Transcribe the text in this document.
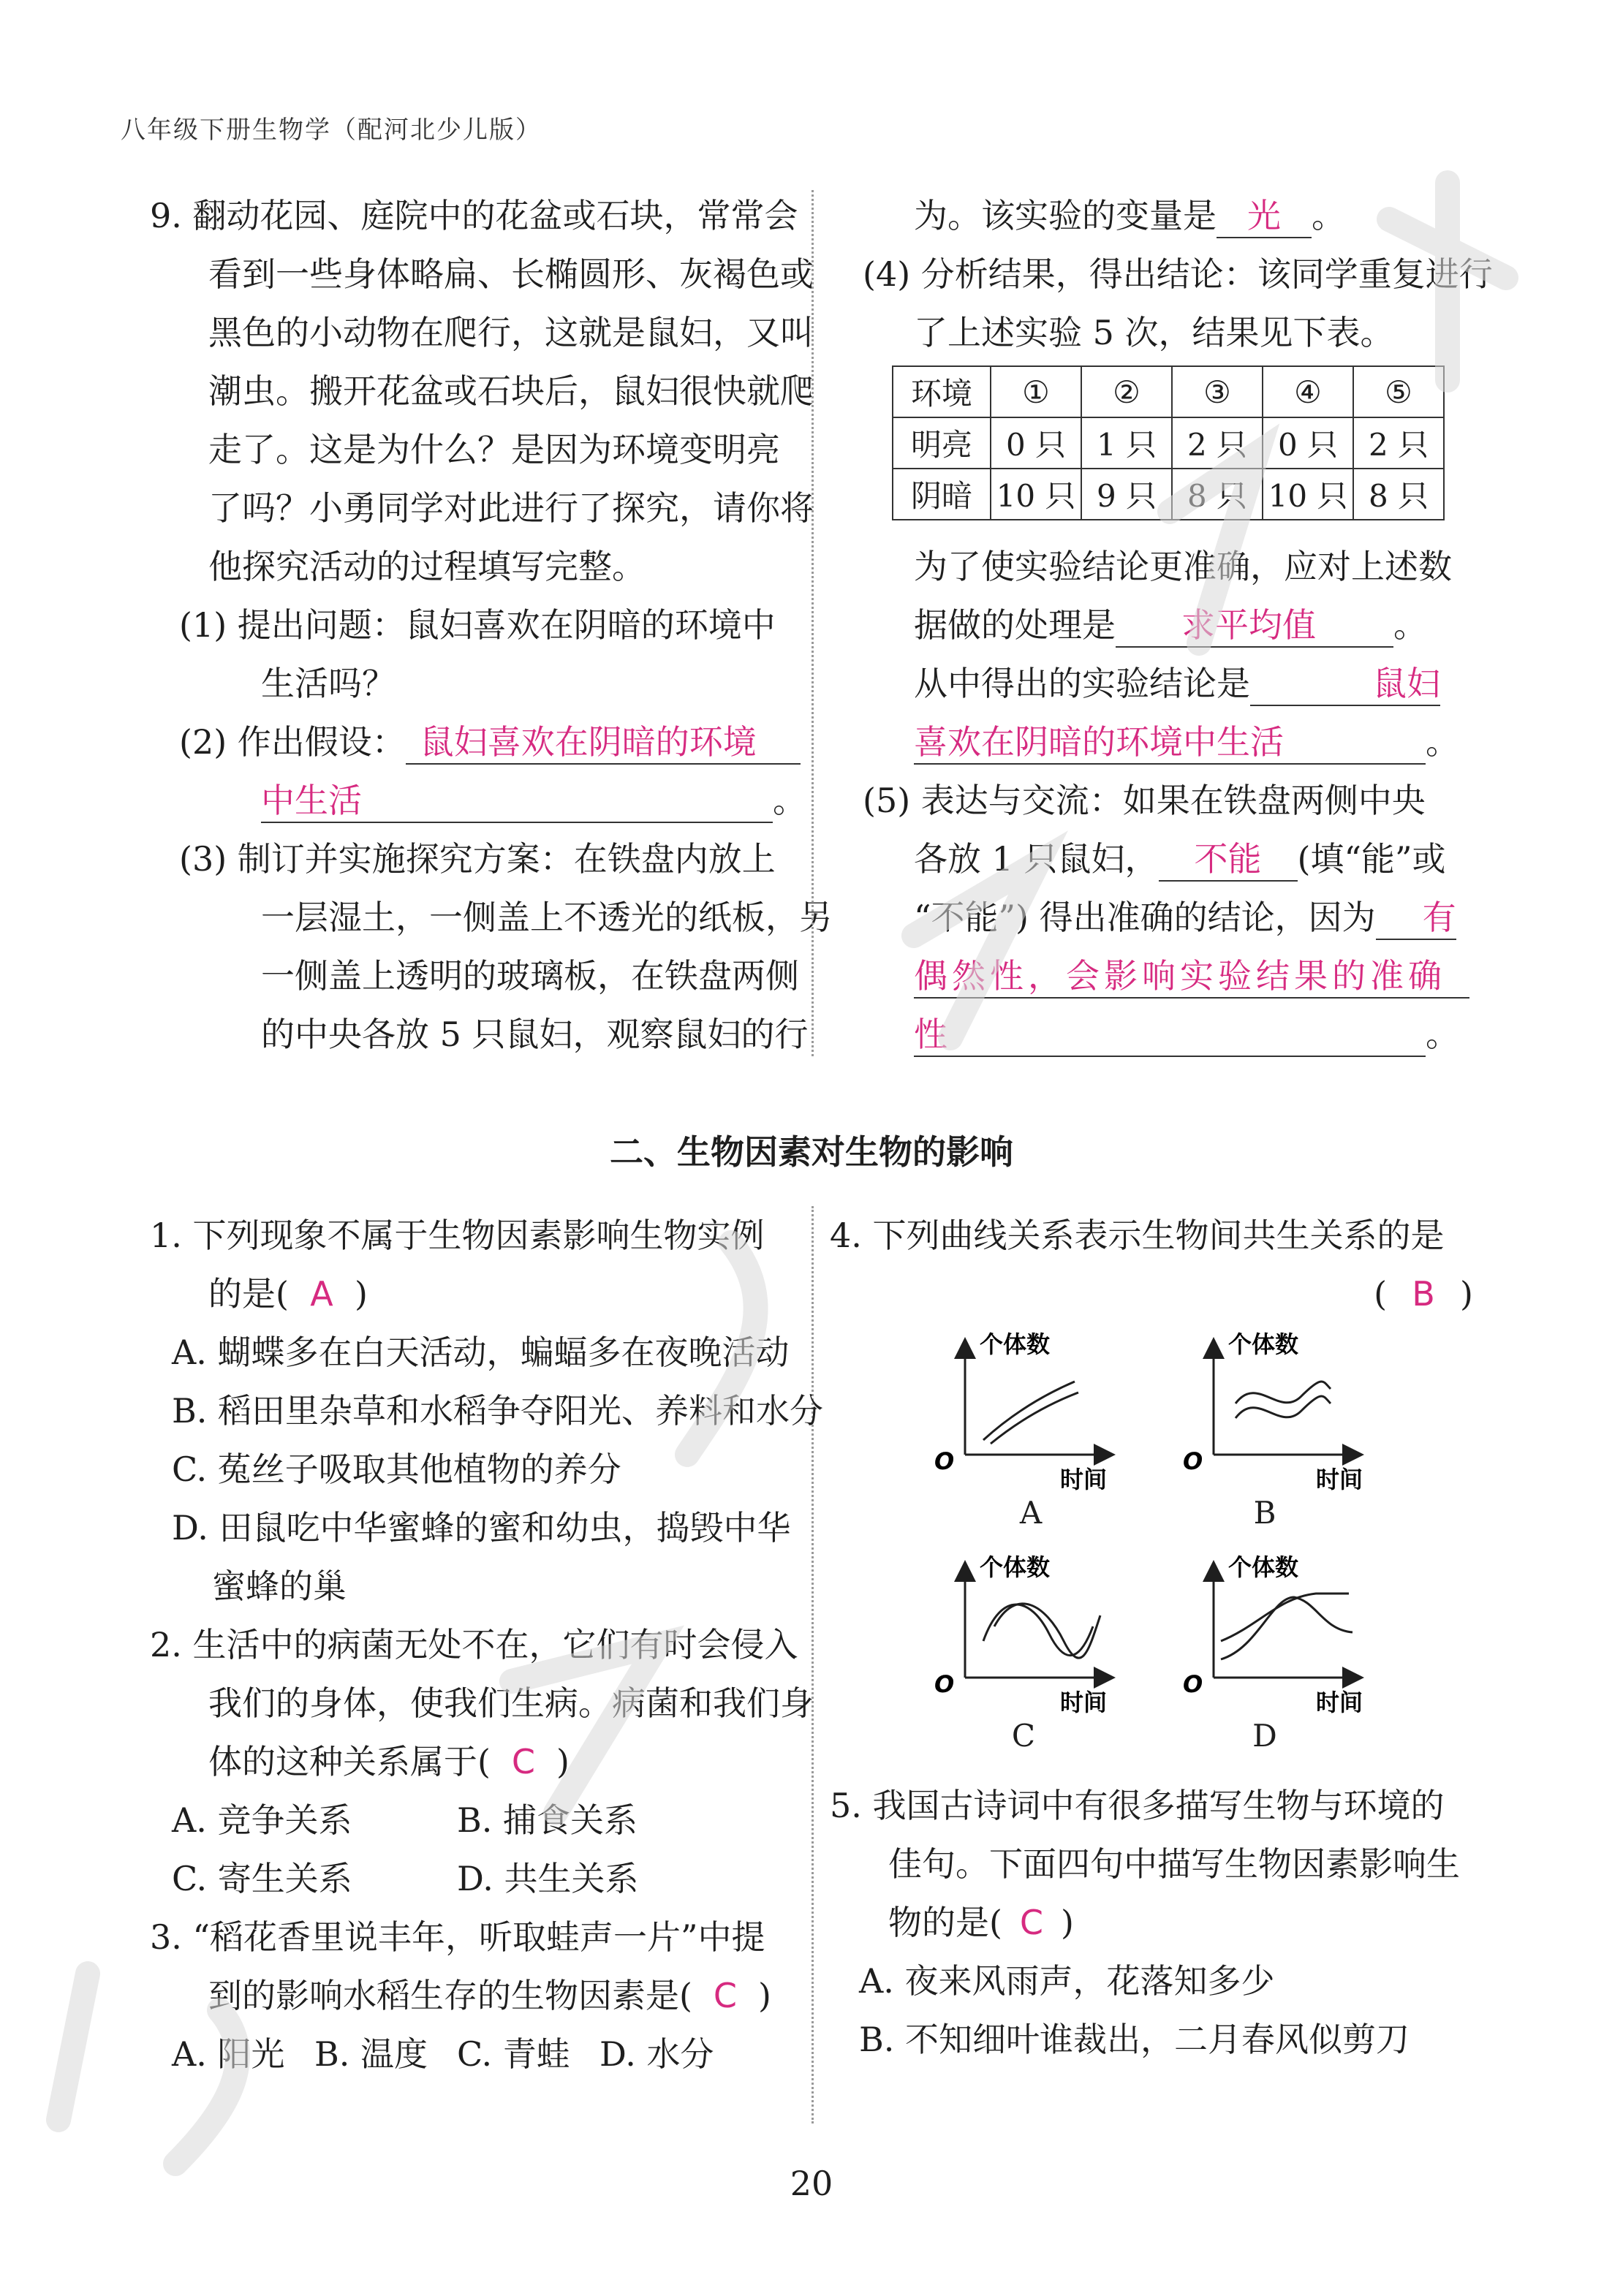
八年级下册生物学（配河北少儿版）

9. 翻动花园、庭院中的花盆或石块，常常会

看到一些身体略扁、长椭圆形、灰褐色或

黑色的小动物在爬行，这就是鼠妇，又叫

潮虫。搬开花盆或石块后，鼠妇很快就爬

走了。这是为什么？是因为环境变明亮

了吗？小勇同学对此进行了探究，请你将

他探究活动的过程填写完整。

(1) 提出问题：鼠妇喜欢在阴暗的环境中

生活吗？

(2) 作出假设： 鼠妇喜欢在阴暗的环境

中生活	。

(3) 制订并实施探究方案：在铁盘内放上

一层湿土，一侧盖上不透光的纸板，另

一侧盖上透明的玻璃板，在铁盘两侧

的中央各放 5 只鼠妇，观察鼠妇的行

为。该实验的变量是 光 。

(4) 分析结果，得出结论：该同学重复进行

了上述实验 5 次，结果见下表。

环境	①	②	③	④	⑤
明亮	0 只	1 只	2 只	0 只	2 只
阴暗	10 只	9 只	8 只	10 只	8 只

为了使实验结论更准确，应对上述数

据做的处理是 求平均值 。

从中得出的实验结论是	鼠妇

喜欢在阴暗的环境中生活	。

(5) 表达与交流：如果在铁盘两侧中央

各放 1 只鼠妇， 不能 (填“能”或

“不能”) 得出准确的结论，因为 有

偶然性，会影响实验结果的准确

性	。

二、生物因素对生物的影响

1. 下列现象不属于生物因素影响生物实例

的是( A )

A. 蝴蝶多在白天活动，蝙蝠多在夜晚活动

B. 稻田里杂草和水稻争夺阳光、养料和水分

C. 菟丝子吸取其他植物的养分

D. 田鼠吃中华蜜蜂的蜜和幼虫，捣毁中华

蜜蜂的巢

2. 生活中的病菌无处不在，它们有时会侵入

我们的身体，使我们生病。病菌和我们身

体的这种关系属于( C )

A. 竞争关系	B. 捕食关系

C. 寄生关系	D. 共生关系

3. “稻花香里说丰年，听取蛙声一片”中提

到的影响水稻生存的生物因素是( C )

A. 阳光 B. 温度 C. 青蛙 D. 水分

4. 下列曲线关系表示生物间共生关系的是

( B )

个体数
时间
O
A
个体数
时间
O
B
个体数
时间
O
C
个体数
时间
O
D

5. 我国古诗词中有很多描写生物与环境的

佳句。下面四句中描写生物因素影响生

物的是( C )

A. 夜来风雨声，花落知多少

B. 不知细叶谁裁出，二月春风似剪刀

20
